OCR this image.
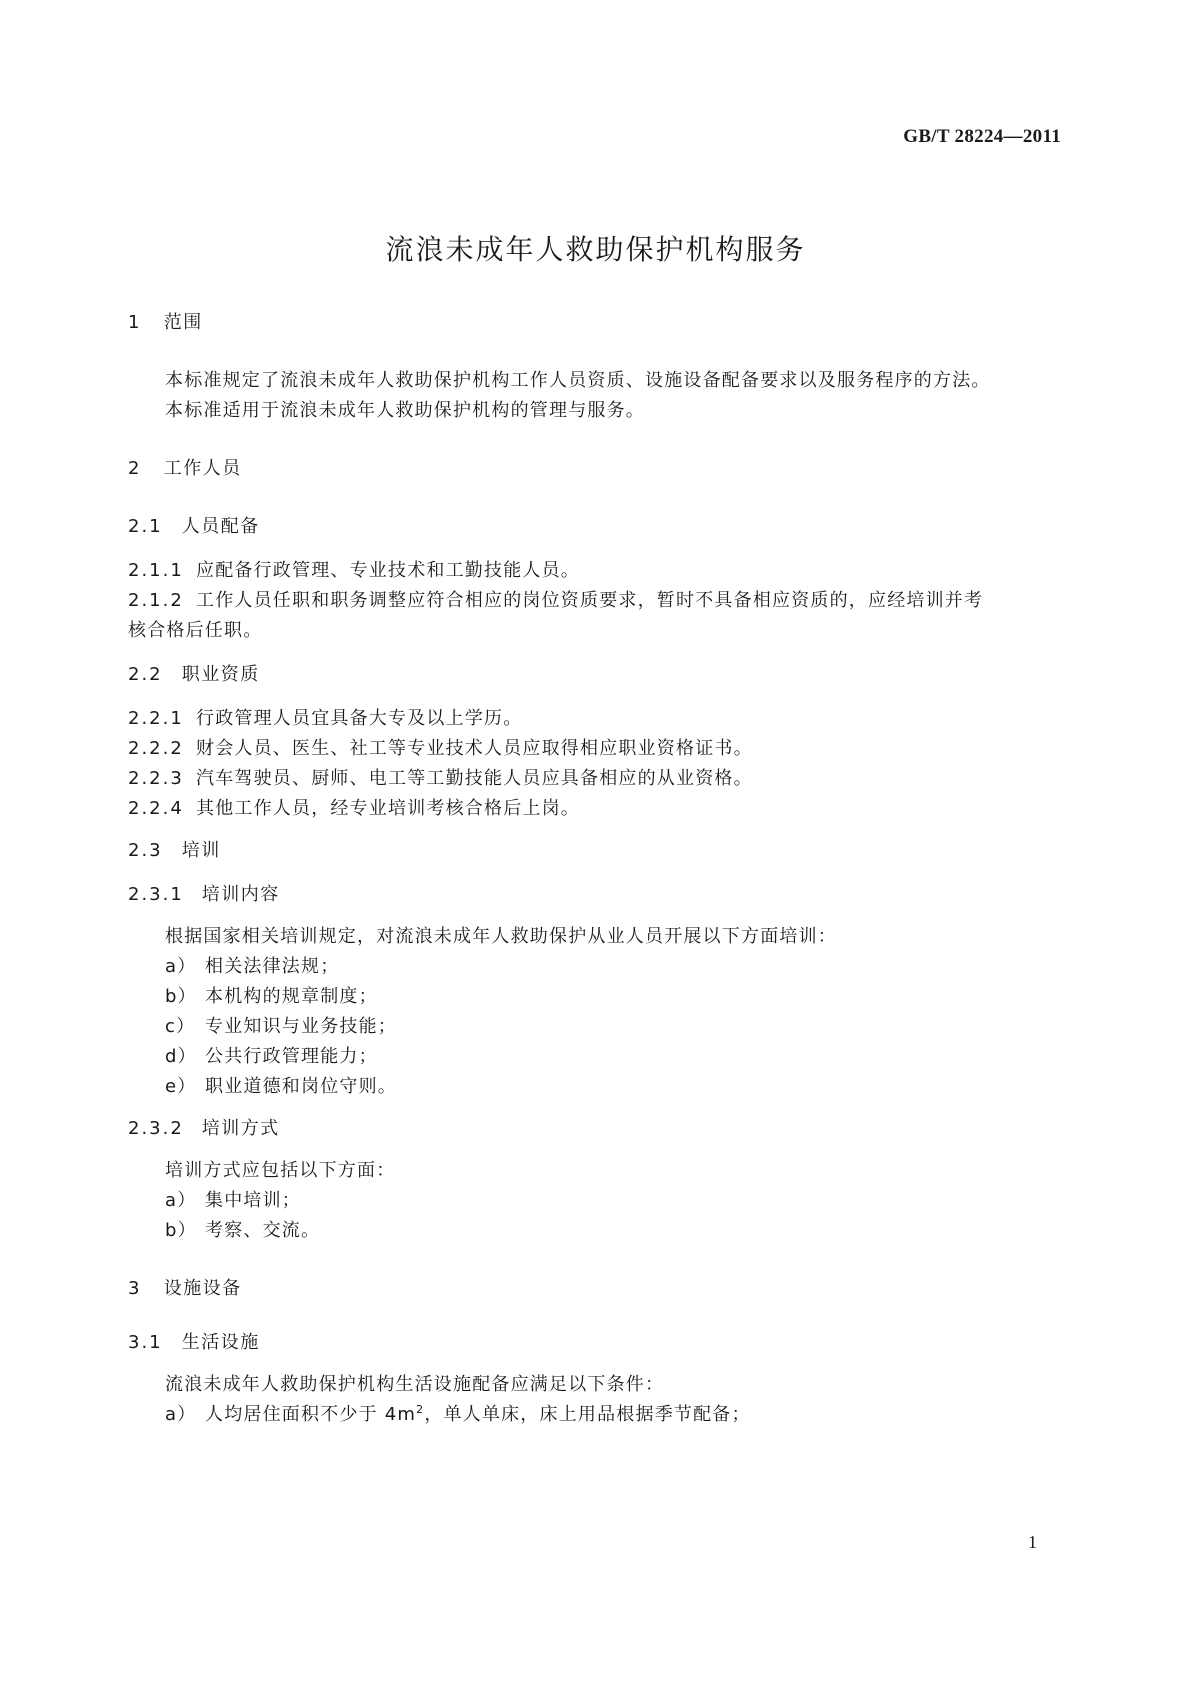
GB/T 28224—2011
流浪未成年人救助保护机构服务
1 范围
本标准规定了流浪未成年人救助保护机构工作人员资质、设施设备配备要求以及服务程序的方法。
本标准适用于流浪未成年人救助保护机构的管理与服务。
2 工作人员
2.1 人员配备
2.1.1 应配备行政管理、专业技术和工勤技能人员。
2.1.2 工作人员任职和职务调整应符合相应的岗位资质要求，暂时不具备相应资质的，应经培训并考
核合格后任职。
2.2 职业资质
2.2.1 行政管理人员宜具备大专及以上学历。
2.2.2 财会人员、医生、社工等专业技术人员应取得相应职业资格证书。
2.2.3 汽车驾驶员、厨师、电工等工勤技能人员应具备相应的从业资格。
2.2.4 其他工作人员，经专业培训考核合格后上岗。
2.3 培训
2.3.1 培训内容
根据国家相关培训规定，对流浪未成年人救助保护从业人员开展以下方面培训：
a） 相关法律法规；
b） 本机构的规章制度；
c） 专业知识与业务技能；
d） 公共行政管理能力；
e） 职业道德和岗位守则。
2.3.2 培训方式
培训方式应包括以下方面：
a） 集中培训；
b） 考察、交流。
3 设施设备
3.1 生活设施
流浪未成年人救助保护机构生活设施配备应满足以下条件：
a） 人均居住面积不少于 $4m^2$，单人单床，床上用品根据季节配备；
1
